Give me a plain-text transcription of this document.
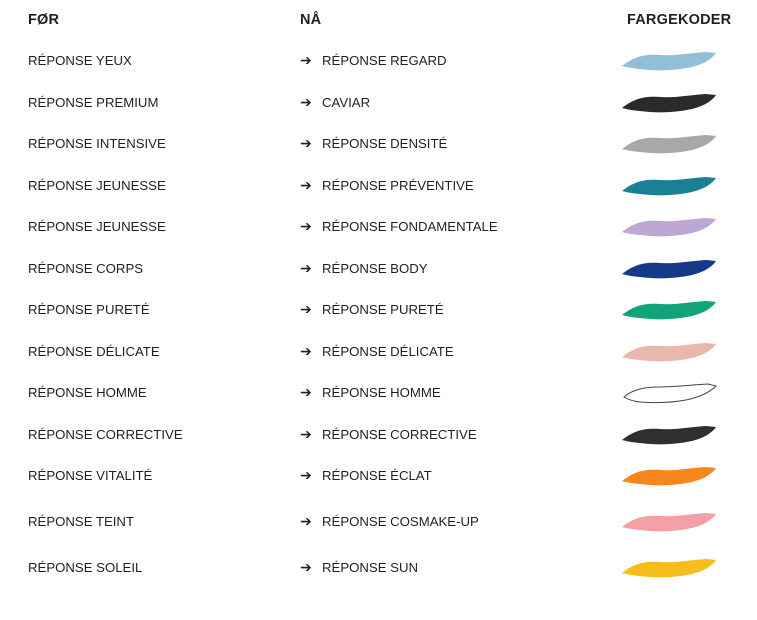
FØR	NÅ	FARGEKODER
RÉPONSE YEUX	➔ RÉPONSE REGARD
RÉPONSE PREMIUM	➔ CAVIAR
RÉPONSE INTENSIVE	➔ RÉPONSE DENSITÉ
RÉPONSE JEUNESSE	➔ RÉPONSE PRÉVENTIVE
RÉPONSE JEUNESSE	➔ RÉPONSE FONDAMENTALE
RÉPONSE CORPS	➔ RÉPONSE BODY
RÉPONSE PURETÉ	➔ RÉPONSE PURETÉ
RÉPONSE DÉLICATE	➔ RÉPONSE DÉLICATE
RÉPONSE HOMME	➔ RÉPONSE HOMME
RÉPONSE CORRECTIVE	➔ RÉPONSE CORRECTIVE
RÉPONSE VITALITÉ	➔ RÉPONSE ÉCLAT
RÉPONSE TEINT	➔ RÉPONSE COSMAKE-UP
RÉPONSE SOLEIL	➔ RÉPONSE SUN
